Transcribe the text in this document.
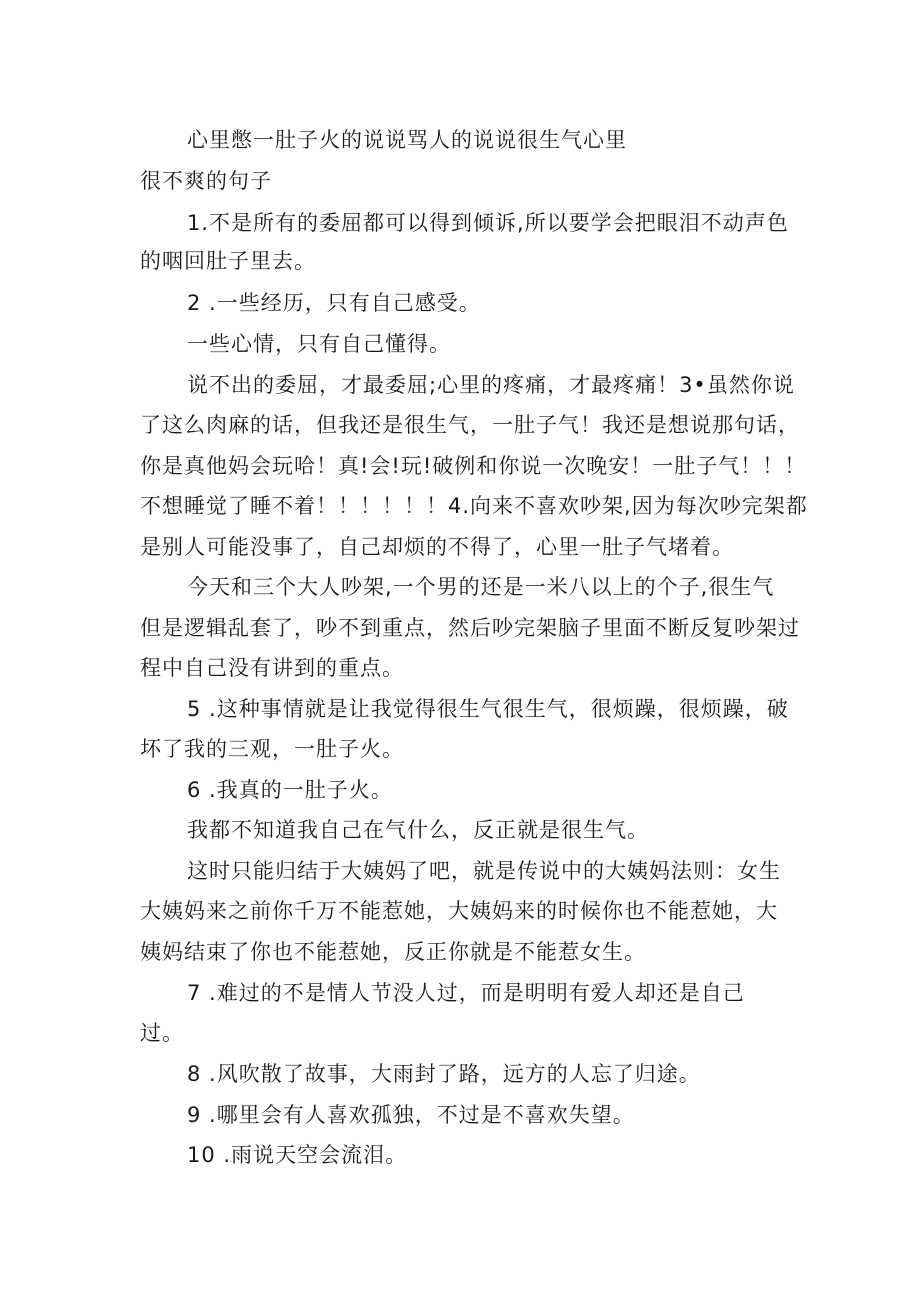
心里憋一肚子火的说说骂人的说说很生气心里
很不爽的句子
1.不是所有的委屈都可以得到倾诉,所以要学会把眼泪不动声色
的咽回肚子里去。
2 .一些经历，只有自己感受。
一些心情，只有自己懂得。
说不出的委屈，才最委屈;心里的疼痛，才最疼痛！3•虽然你说
了这么肉麻的话，但我还是很生气，一肚子气！我还是想说那句话，
你是真他妈会玩哈！真!会!玩!破例和你说一次晚安！一肚子气！！！
不想睡觉了睡不着！！！！！！4.向来不喜欢吵架,因为每次吵完架都
是别人可能没事了，自己却烦的不得了，心里一肚子气堵着。
今天和三个大人吵架,一个男的还是一米八以上的个子,很生气
但是逻辑乱套了，吵不到重点，然后吵完架脑子里面不断反复吵架过
程中自己没有讲到的重点。
5 .这种事情就是让我觉得很生气很生气，很烦躁，很烦躁，破
坏了我的三观，一肚子火。
6 .我真的一肚子火。
我都不知道我自己在气什么，反正就是很生气。
这时只能归结于大姨妈了吧，就是传说中的大姨妈法则：女生
大姨妈来之前你千万不能惹她，大姨妈来的时候你也不能惹她，大
姨妈结束了你也不能惹她，反正你就是不能惹女生。
7 .难过的不是情人节没人过，而是明明有爱人却还是自己
过。
8 .风吹散了故事，大雨封了路，远方的人忘了归途。
9 .哪里会有人喜欢孤独，不过是不喜欢失望。
10 .雨说天空会流泪。
